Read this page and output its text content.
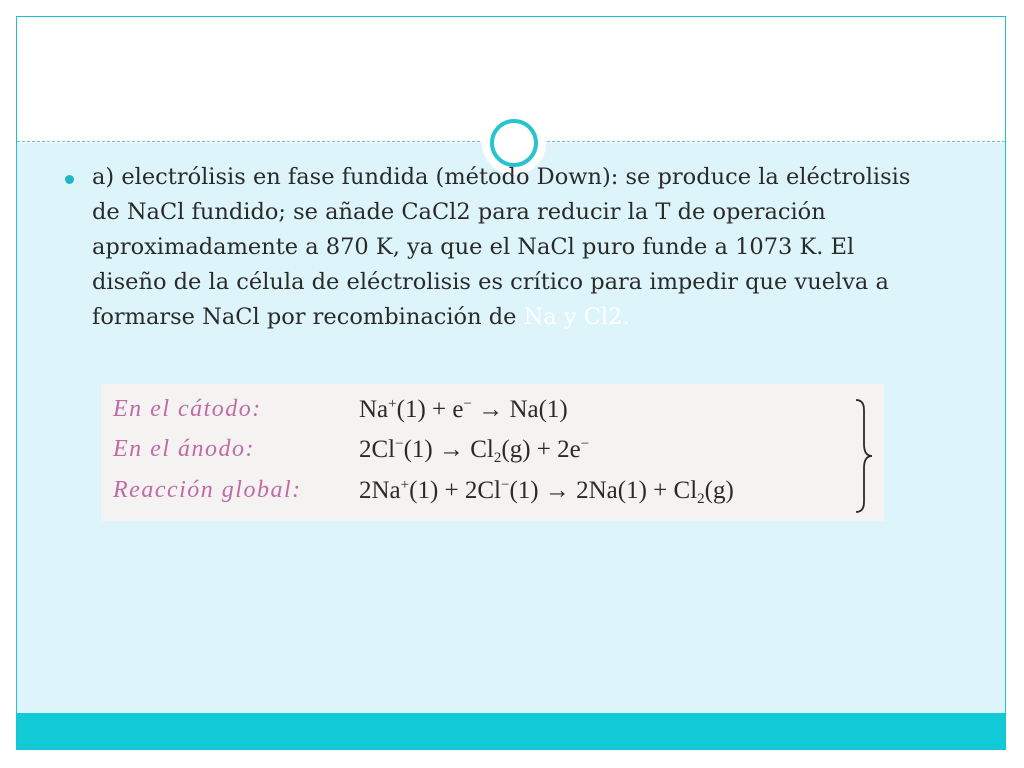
a) electrólisis en fase fundida (método Down): se produce la eléctrolisis de NaCl fundido; se añade CaCl2 para reducir la T de operación aproximadamente a 870 K, ya que el NaCl puro funde a 1073 K. El diseño de la célula de eléctrolisis es crítico para impedir que vuelva a formarse NaCl por recombinación de Na y Cl2.

En el cátodo:	Na+(1) + e− → Na(1)
En el ánodo:	$2Cl^-(1) \to Cl_2(g) + 2e^-$
Reacción global: $2Na^+(1) + 2Cl^-(1) \to 2Na(1) + Cl_2(g)$
